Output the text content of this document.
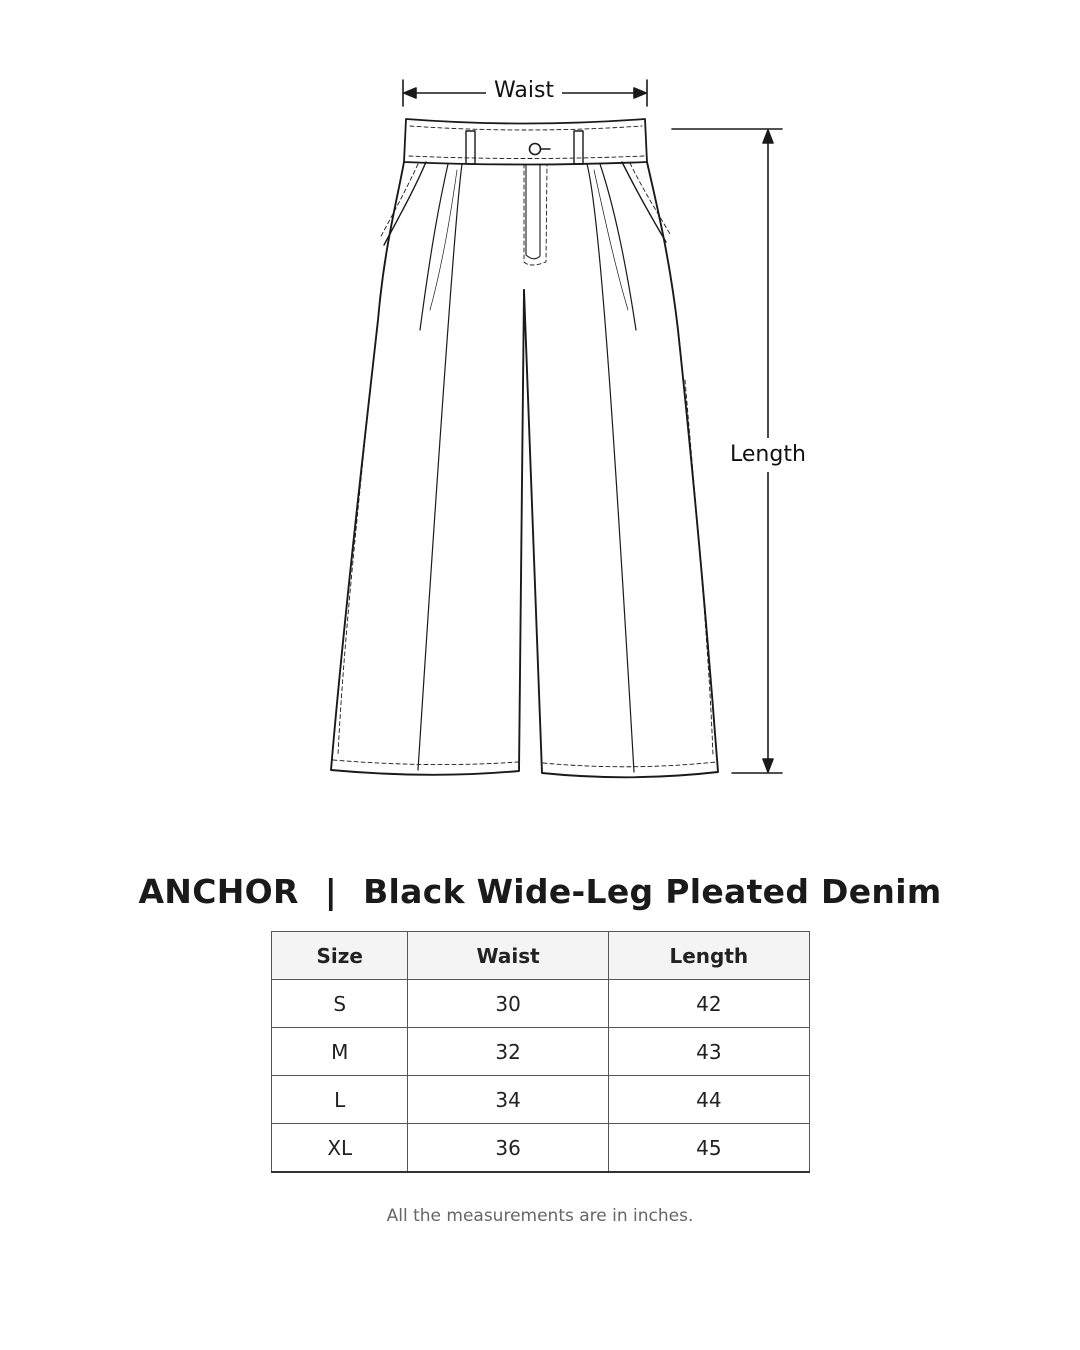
Waist
Length
ANCHOR | Black Wide-Leg Pleated Denim
Size	Waist	Length
S	30	42
M	32	43
L	34	44
XL	36	45
All the measurements are in inches.
